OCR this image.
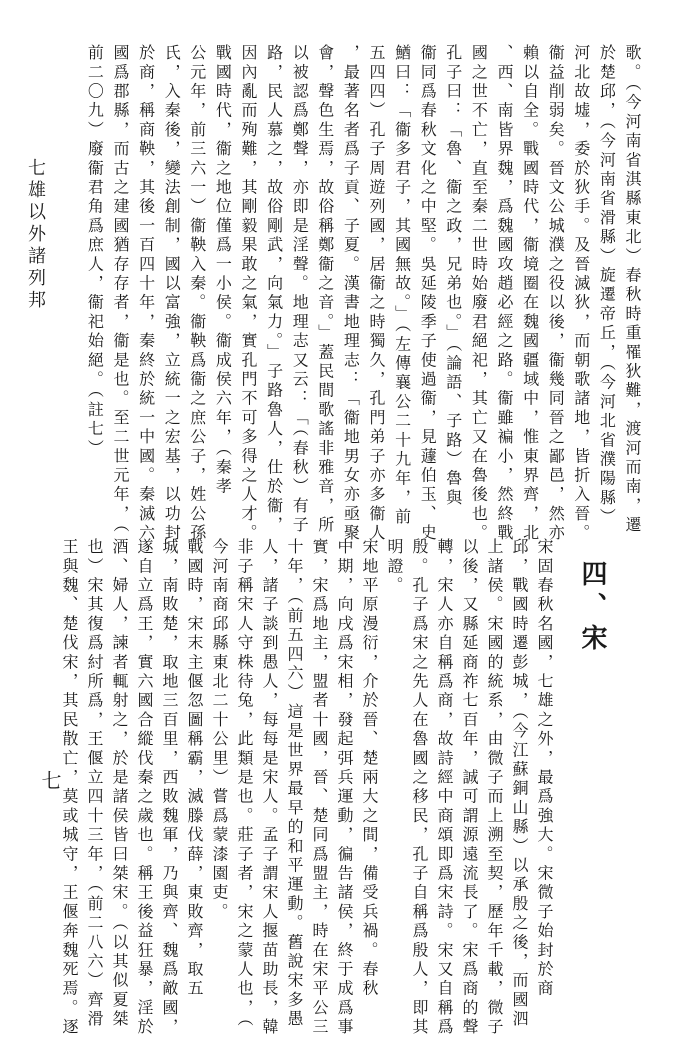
七雄以外諸列邦
七
歌。（今河南省淇縣東北）春秋時重罹狄難，渡河而南，遷
於楚邱，（今河南省滑縣）旋遷帝丘，（今河北省濮陽縣）
河北故墟，委於狄手。及晉滅狄，而朝歌諸地，皆折入晉。
衞益削弱矣。晉文公城濮之役以後，衞幾同晉之鄙邑，然亦
賴以自全。戰國時代，衞境圈在魏國疆域中，惟東界齊，北
、西、南皆界魏，爲魏國攻趙必經之路。衞雖褊小，然終戰
國之世不亡，直至秦二世時始廢君絕祀，其亡又在魯後也。
孔子曰：「魯、衞之政，兄弟也。」（論語、子路）魯與
衞同爲春秋文化之中堅。吳延陵季子使過衞，見蘧伯玉、史
鰌曰：「衞多君子，其國無故。」（左傳襄公二十九年，前
五四四）孔子周遊列國，居衞之時獨久，孔門弟子亦多衞人
，最著名者爲子貢、子夏。漢書地理志：「衞地男女亦亟聚
會，聲色生焉，故俗稱鄭衞之音。」蓋民間歌謠非雅音，所
以被認爲鄭聲，亦即是淫聲。地理志又云：「（春秋）有子
路，民人慕之，故俗剛武，向氣力。」子路魯人，仕於衞，
因內亂而殉難，其剛毅果敢之氣，實孔門不可多得之人才。
戰國時代，衞之地位僅爲一小侯。衞成侯六年，（秦孝
公元年，前三六一）衞鞅入秦。衞鞅爲衞之庶公子，姓公孫
氏，入秦後，變法創制，國以富強，立統一之宏基，以功封
於商，稱商鞅，其後一百四十年，秦終於統一中國。秦滅六
國爲郡縣，而古之建國猶存存者，衞是也。至二世元年，（
前二〇九）廢衞君角爲庶人，衞祀始絕。（註七）
四、宋
宋固春秋名國，七雄之外，最爲強大。宋微子始封於商
邱，戰國時遷彭城，（今江蘇銅山縣）以承殷之後，而國泗
上諸侯。宋國的統系，由微子而上溯至契，歷年千載，微子
以後，又縣延商祚七百年，誠可謂源遠流長了。宋爲商的聲
轉，宋人亦自稱爲商，故詩經中商頌即爲宋詩。宋又自稱爲
殷。孔子爲宋之先人在魯國之移民，孔子自稱爲殷人，即其
明證。
宋地平原漫衍，介於晉、楚兩大之間，備受兵禍。春秋
中期，向戌爲宋相，發起弭兵運動，徧告諸侯，終于成爲事
實，宋爲地主，盟者十國，晉、楚同爲盟主，時在宋平公三
十年，（前五四六）這是世界最早的和平運動。舊說宋多愚
人，諸子談到愚人，每每是宋人。孟子謂宋人揠苗助長，韓
非子稱宋人守株待兔，此類是也。莊子者，宋之蒙人也，（
今河南商邱縣東北二十公里）嘗爲蒙漆園吏。
戰國時，宋末主偃忽圖稱霸，滅滕伐薛，東敗齊，取五
城，南敗楚，取地三百里，西敗魏軍，乃與齊、魏爲敵國，
遂自立爲王，實六國合縱伐秦之歲也。稱王後益狂暴，淫於
酒、婦人，諫者輒射之，於是諸侯皆曰桀宋。（以其似夏桀
也）宋其復爲紂所爲，王偃立四十三年，（前二八六）齊滑
王與魏、楚伐宋，其民散亡，莫或城守，王偃奔魏死焉。逐
